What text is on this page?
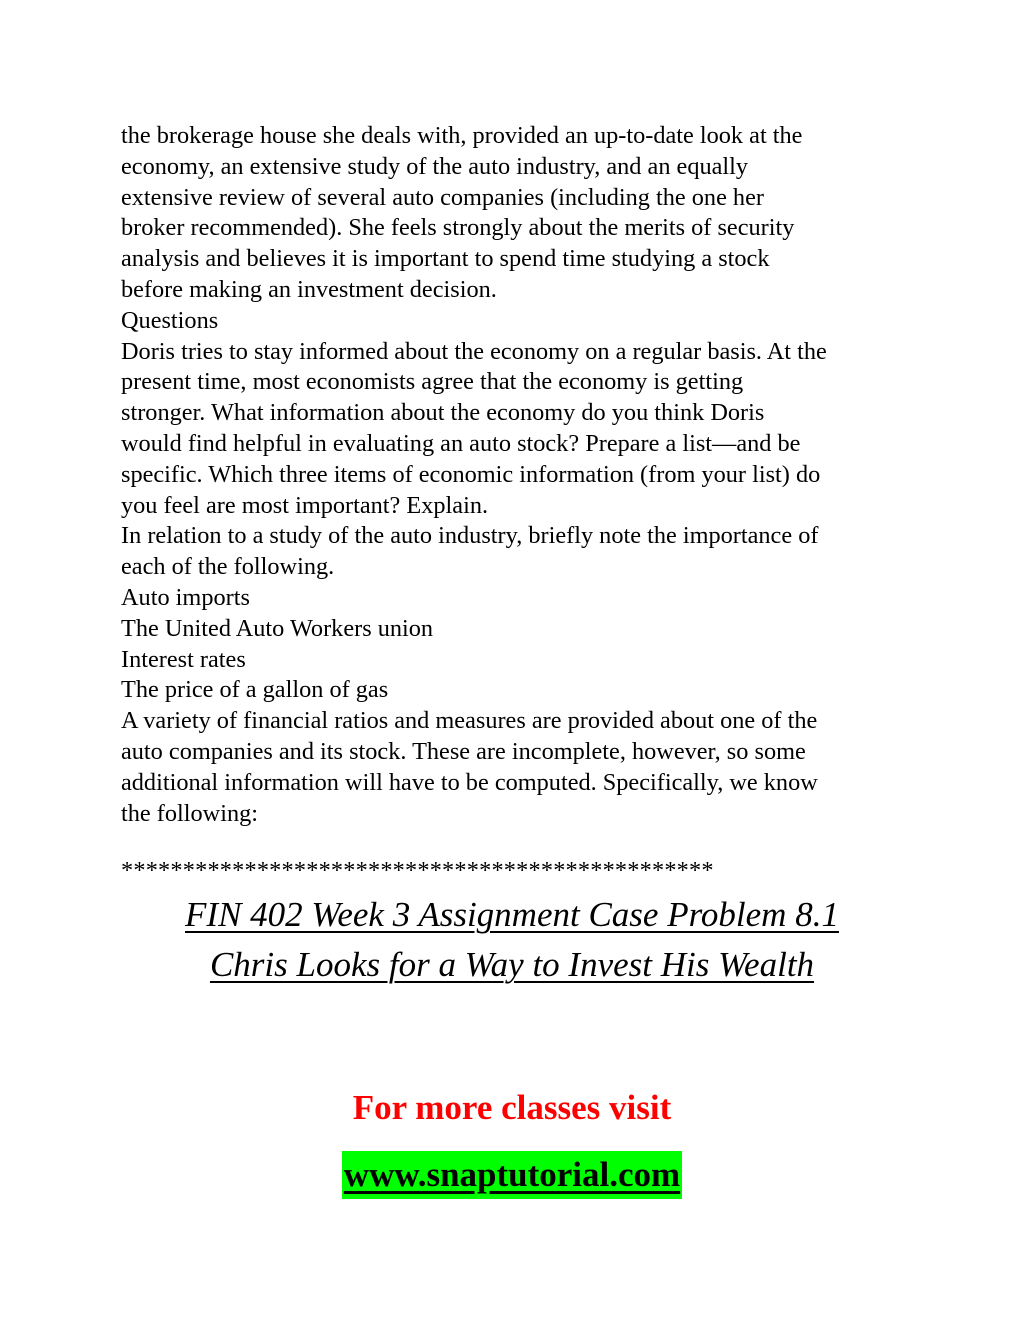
the brokerage house she deals with, provided an up-to-date look at the
economy, an extensive study of the auto industry, and an equally
extensive review of several auto companies (including the one her
broker recommended). She feels strongly about the merits of security
analysis and believes it is important to spend time studying a stock
before making an investment decision.
Questions
Doris tries to stay informed about the economy on a regular basis. At the
present time, most economists agree that the economy is getting
stronger. What information about the economy do you think Doris
would find helpful in evaluating an auto stock? Prepare a list—and be
specific. Which three items of economic information (from your list) do
you feel are most important? Explain.
In relation to a study of the auto industry, briefly note the importance of
each of the following.
Auto imports
The United Auto Workers union
Interest rates
The price of a gallon of gas
A variety of financial ratios and measures are provided about one of the
auto companies and its stock. These are incomplete, however, so some
additional information will have to be computed. Specifically, we know
the following:
************************************************
FIN 402 Week 3 Assignment Case Problem 8.1
Chris Looks for a Way to Invest His Wealth
For more classes visit
www.snaptutorial.com
